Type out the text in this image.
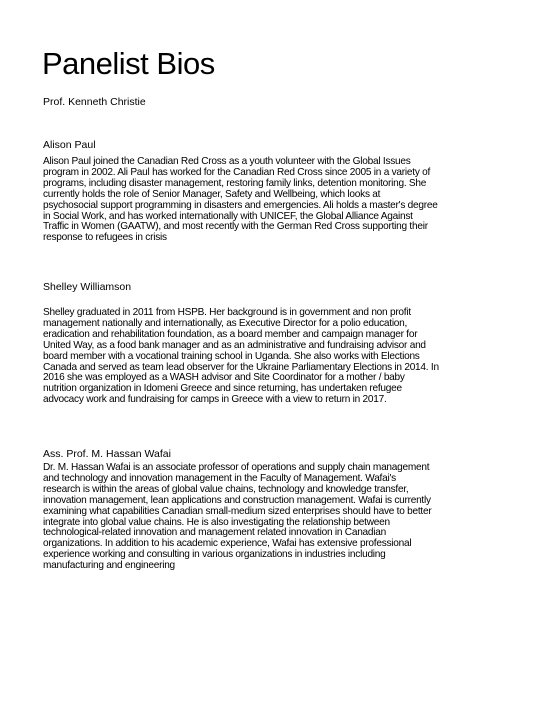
Panelist Bios
Prof. Kenneth Christie
Alison Paul
Alison Paul joined the Canadian Red Cross as a youth volunteer with the Global Issues
program in 2002. Ali Paul has worked for the Canadian Red Cross since 2005 in a variety of
programs, including disaster management, restoring family links, detention monitoring. She
currently holds the role of Senior Manager, Safety and Wellbeing, which looks at
psychosocial support programming in disasters and emergencies. Ali holds a master's degree
in Social Work, and has worked internationally with UNICEF, the Global Alliance Against
Traffic in Women (GAATW), and most recently with the German Red Cross supporting their
response to refugees in crisis
Shelley Williamson
Shelley graduated in 2011 from HSPB. Her background is in government and non profit
management nationally and internationally, as Executive Director for a polio education,
eradication and rehabilitation foundation, as a board member and campaign manager for
United Way, as a food bank manager and as an administrative and fundraising advisor and
board member with a vocational training school in Uganda. She also works with Elections
Canada and served as team lead observer for the Ukraine Parliamentary Elections in 2014. In
2016 she was employed as a WASH advisor and Site Coordinator for a mother / baby
nutrition organization in Idomeni Greece and since returning, has undertaken refugee
advocacy work and fundraising for camps in Greece with a view to return in 2017.
Ass. Prof. M. Hassan Wafai
Dr. M. Hassan Wafai is an associate professor of operations and supply chain management
and technology and innovation management in the Faculty of Management. Wafai's
research is within the areas of global value chains, technology and knowledge transfer,
innovation management, lean applications and construction management. Wafai is currently
examining what capabilities Canadian small-medium sized enterprises should have to better
integrate into global value chains. He is also investigating the relationship between
technological-related innovation and management related innovation in Canadian
organizations. In addition to his academic experience, Wafai has extensive professional
experience working and consulting in various organizations in industries including
manufacturing and engineering
